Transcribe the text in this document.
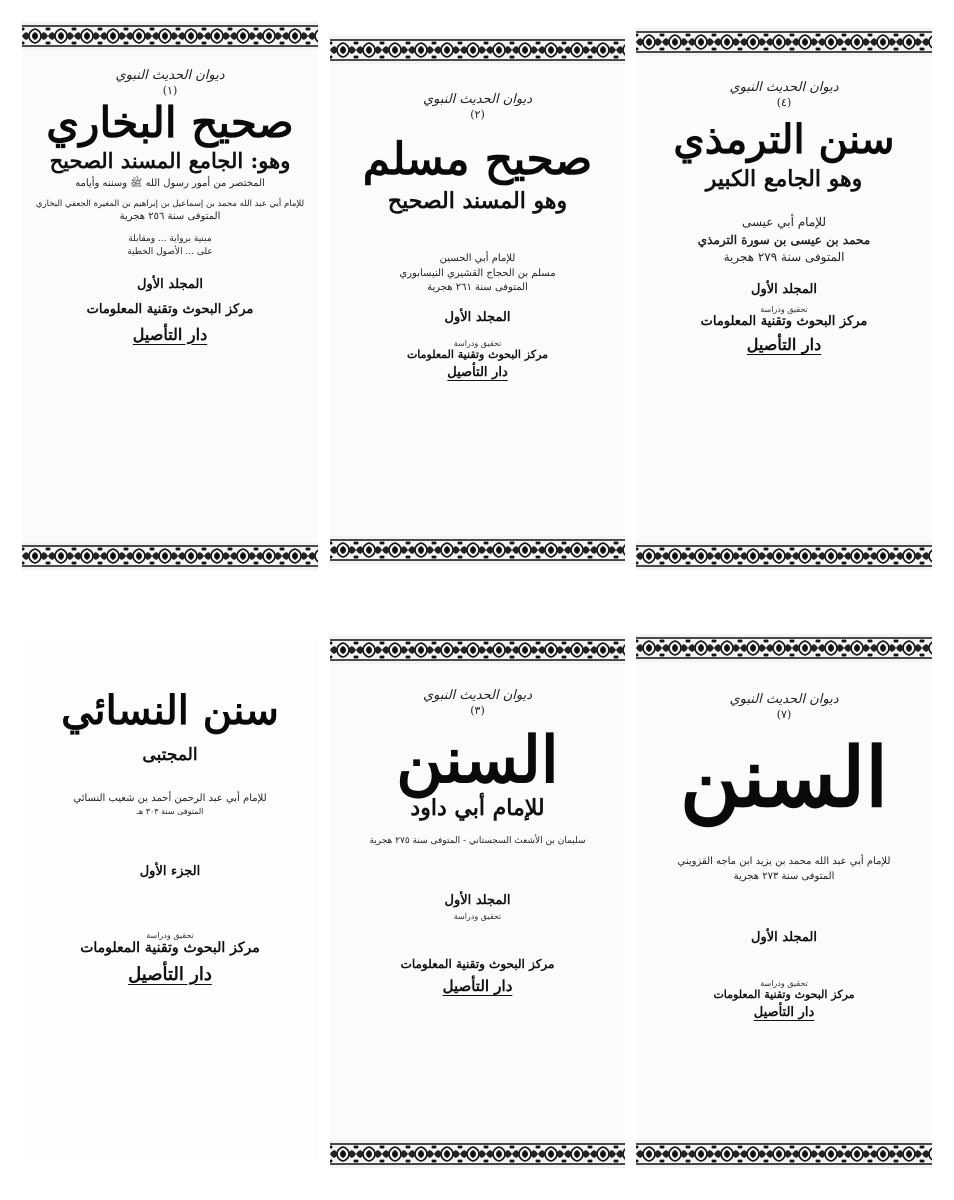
ديوان الحديث النبوي
(١)
صحيح البخاري
وهو: الجامع المسند الصحيح
المختصر من أمور رسول الله ﷺ وسننه وأيامه
للإمام أبي عبد الله محمد بن إسماعيل بن إبراهيم بن المغيرة الجعفي البخاري
المتوفى سنة ٢٥٦ هجرية
مبنية برواية ... ومقابلة
على ... الأصول الخطية
المجلد الأول
مركز البحوث وتقنية المعلومات
دار التأصيل
ديوان الحديث النبوي
(٢)
صحيح مسلم
وهو المسند الصحيح
للإمام أبي الحسين
مسلم بن الحجاج القشيري النيسابوري
المتوفى سنة ٢٦١ هجرية
المجلد الأول
تحقيق ودراسة
مركز البحوث وتقنية المعلومات
دار التأصيل
ديوان الحديث النبوي
(٤)
سنن الترمذي
وهو الجامع الكبير
للإمام أبي عيسى
محمد بن عيسى بن سورة الترمذي
المتوفى سنة ٢٧٩ هجرية
المجلد الأول
تحقيق ودراسة
مركز البحوث وتقنية المعلومات
دار التأصيل
سنن النسائي
المجتبى
للإمام أبي عبد الرحمن أحمد بن شعيب النسائي
المتوفى سنة ٣٠٣ هـ
الجزء الأول
تحقيق ودراسة
مركز البحوث وتقنية المعلومات
دار التأصيل
ديوان الحديث النبوي
(٣)
السنن
للإمام أبي داود
سليمان بن الأشعث السجستاني - المتوفى سنة ٢٧٥ هجرية
المجلد الأول
تحقيق ودراسة
مركز البحوث وتقنية المعلومات
دار التأصيل
ديوان الحديث النبوي
(٧)
السنن
للإمام أبي عبد الله محمد بن يزيد ابن ماجه القزويني
المتوفى سنة ٢٧٣ هجرية
المجلد الأول
تحقيق ودراسة
مركز البحوث وتقنية المعلومات
دار التأصيل
